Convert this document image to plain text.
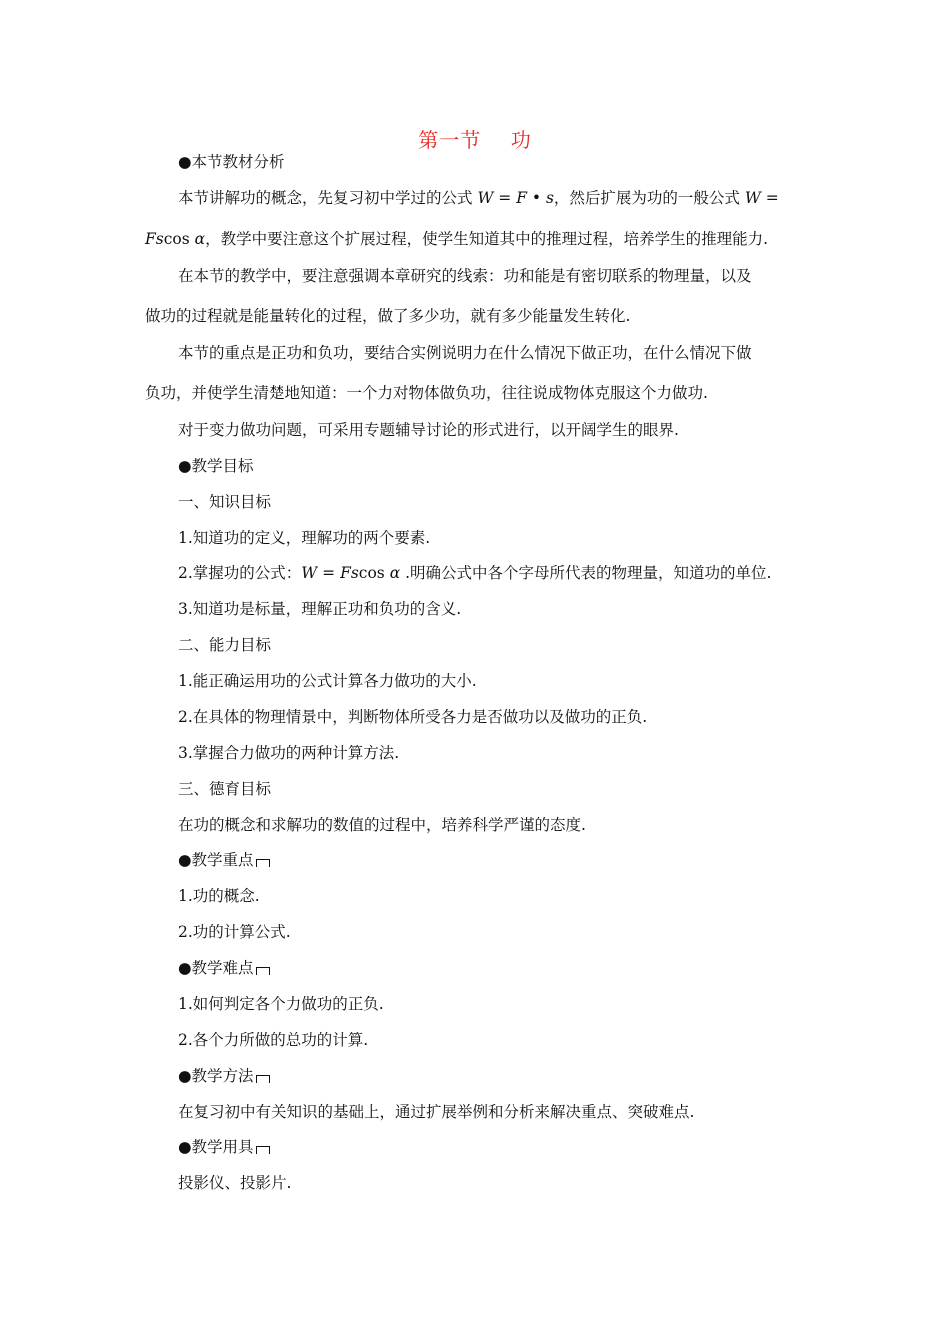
第一节    功
●本节教材分析
本节讲解功的概念，先复习初中学过的公式 W = F • s，然后扩展为功的一般公式 W =
Fscos α，教学中要注意这个扩展过程，使学生知道其中的推理过程，培养学生的推理能力.
在本节的教学中，要注意强调本章研究的线索：功和能是有密切联系的物理量，以及
做功的过程就是能量转化的过程，做了多少功，就有多少能量发生转化.
本节的重点是正功和负功，要结合实例说明力在什么情况下做正功，在什么情况下做
负功，并使学生清楚地知道：一个力对物体做负功，往往说成物体克服这个力做功.
对于变力做功问题，可采用专题辅导讨论的形式进行，以开阔学生的眼界.
●教学目标
一、知识目标
1.知道功的定义，理解功的两个要素.
2.掌握功的公式：W = Fscos α .明确公式中各个字母所代表的物理量，知道功的单位.
3.知道功是标量，理解正功和负功的含义.
二、能力目标
1.能正确运用功的公式计算各力做功的大小.
2.在具体的物理情景中，判断物体所受各力是否做功以及做功的正负.
3.掌握合力做功的两种计算方法.
三、德育目标
在功的概念和求解功的数值的过程中，培养科学严谨的态度.
●教学重点
1.功的概念.
2.功的计算公式.
●教学难点
1.如何判定各个力做功的正负.
2.各个力所做的总功的计算.
●教学方法
在复习初中有关知识的基础上，通过扩展举例和分析来解决重点、突破难点.
●教学用具
投影仪、投影片.
